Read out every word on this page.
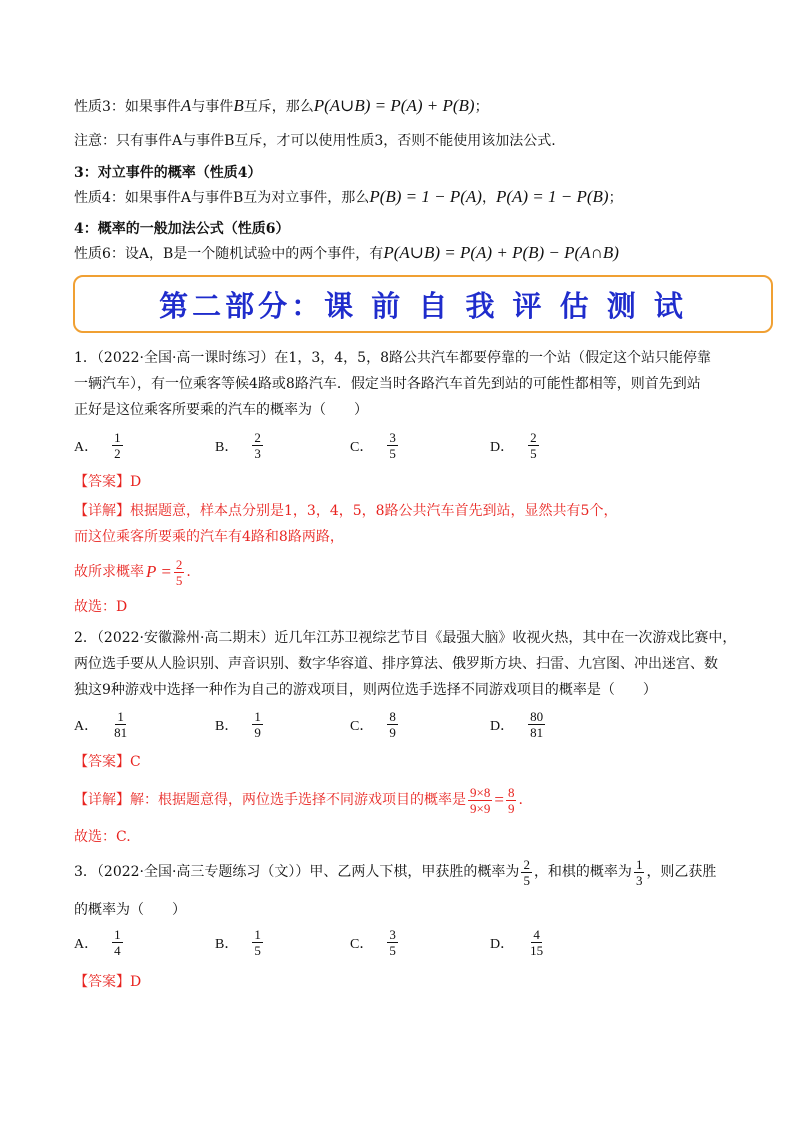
性质3：如果事件A与事件B互斥，那么P(A∪B) = P(A) + P(B)；
注意：只有事件A与事件B互斥，才可以使用性质3，否则不能使用该加法公式.
3：对立事件的概率（性质4）
性质4：如果事件A与事件B互为对立事件，那么P(B) = 1 − P(A)，P(A) = 1 − P(B)；
4：概率的一般加法公式（性质6）
性质6：设A，B是一个随机试验中的两个事件，有P(A∪B) = P(A) + P(B) − P(A∩B)
第二部分：课 前 自 我 评 估 测 试
1．（2022·全国·高一课时练习）在1，3，4，5，8路公共汽车都要停靠的一个站（假定这个站只能停靠
一辆汽车），有一位乘客等候4路或8路汽车．假定当时各路汽车首先到站的可能性都相等，则首先到站
正好是这位乘客所要乘的汽车的概率为（　　）
A． $\frac{1}{2}$	B． $\frac{2}{3}$	C． $\frac{3}{5}$	D． $\frac{2}{5}$
【答案】D
【详解】根据题意，样本点分别是1，3，4，5，8路公共汽车首先到站，显然共有5个，
而这位乘客所要乘的汽车有4路和8路两路，
故所求概率 $P = \frac{2}{5}$ .
故选：D
2．（2022·安徽滁州·高二期末）近几年江苏卫视综艺节目《最强大脑》收视火热，其中在一次游戏比赛中，
两位选手要从人脸识别、声音识别、数字华容道、排序算法、俄罗斯方块、扫雷、九宫图、冲出迷宫、数
独这9种游戏中选择一种作为自己的游戏项目，则两位选手选择不同游戏项目的概率是（　　）
A． $\frac{1}{81}$	B． $\frac{1}{9}$	C． $\frac{8}{9}$	D． $\frac{80}{81}$
【答案】C
【详解】解：根据题意得，两位选手选择不同游戏项目的概率是 $\frac{9\times 8}{9\times 9} = \frac{8}{9}$ .
故选：C.
3．（2022·全国·高三专题练习（文））甲、乙两人下棋，甲获胜的概率为 $\frac{2}{5}$ ，和棋的概率为 $\frac{1}{3}$ ，则乙获胜
的概率为（　　）
A． $\frac{1}{4}$	B． $\frac{1}{5}$	C． $\frac{3}{5}$	D． $\frac{4}{15}$
【答案】D
